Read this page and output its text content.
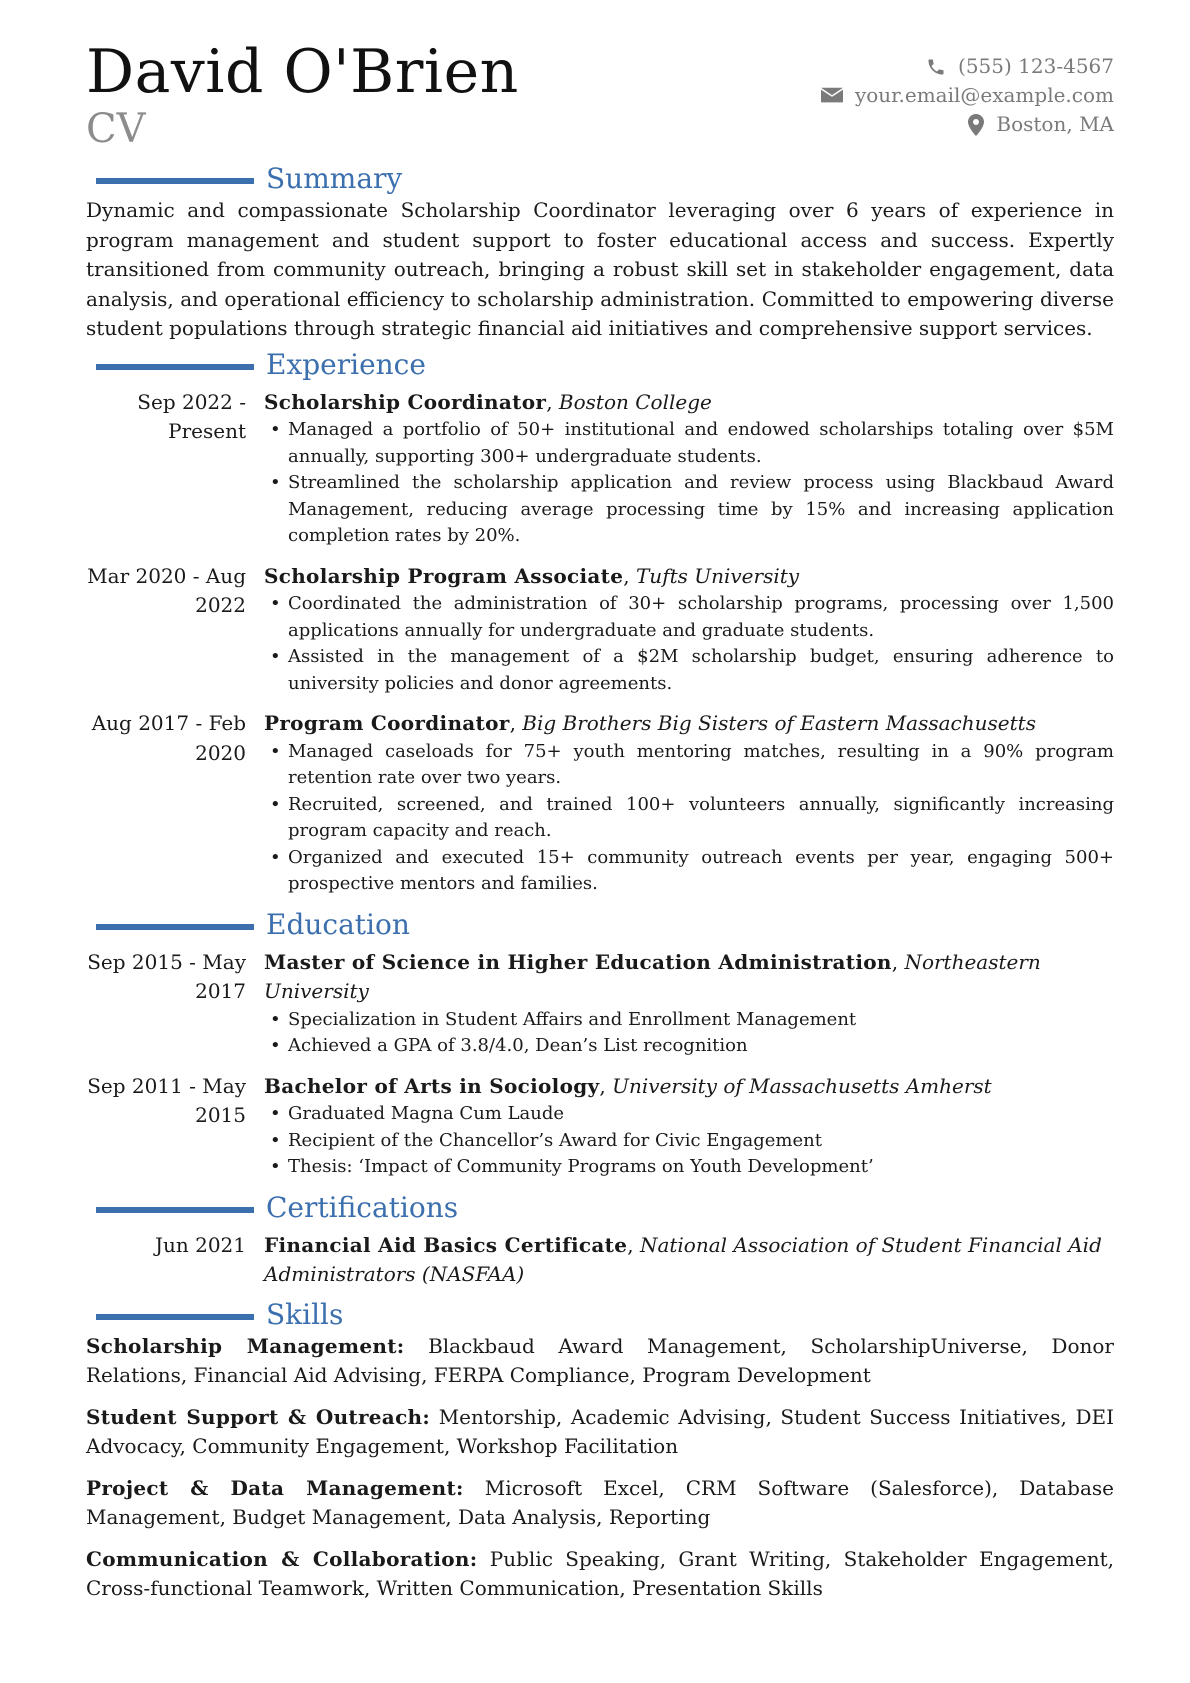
David O'Brien
CV
(555) 123-4567
your.email@example.com
Boston, MA
Summary
Dynamic and compassionate Scholarship Coordinator leveraging over 6 years of experience in program management and student support to foster educational access and success. Expertly transitioned from community outreach, bringing a robust skill set in stakeholder engagement, data analysis, and operational efficiency to scholarship administration. Committed to empowering diverse student populations through strategic financial aid initiatives and comprehensive support services.
Experience
Sep 2022 - Present
Scholarship Coordinator, Boston College
• Managed a portfolio of 50+ institutional and endowed scholarships totaling over $5M annually, supporting 300+ undergraduate students.
• Streamlined the scholarship application and review process using Blackbaud Award Management, reducing average processing time by 15% and increasing application completion rates by 20%.
Mar 2020 - Aug 2022
Scholarship Program Associate, Tufts University
• Coordinated the administration of 30+ scholarship programs, processing over 1,500 applications annually for undergraduate and graduate students.
• Assisted in the management of a $2M scholarship budget, ensuring adherence to university policies and donor agreements.
Aug 2017 - Feb 2020
Program Coordinator, Big Brothers Big Sisters of Eastern Massachusetts
• Managed caseloads for 75+ youth mentoring matches, resulting in a 90% program retention rate over two years.
• Recruited, screened, and trained 100+ volunteers annually, significantly increasing program capacity and reach.
• Organized and executed 15+ community outreach events per year, engaging 500+ prospective mentors and families.
Education
Sep 2015 - May 2017
Master of Science in Higher Education Administration, Northeastern University
• Specialization in Student Affairs and Enrollment Management
• Achieved a GPA of 3.8/4.0, Dean’s List recognition
Sep 2011 - May 2015
Bachelor of Arts in Sociology, University of Massachusetts Amherst
• Graduated Magna Cum Laude
• Recipient of the Chancellor’s Award for Civic Engagement
• Thesis: ‘Impact of Community Programs on Youth Development’
Certifications
Jun 2021 Financial Aid Basics Certificate, National Association of Student Financial Aid Administrators (NASFAA)
Skills
Scholarship Management: Blackbaud Award Management, ScholarshipUniverse, Donor Relations, Financial Aid Advising, FERPA Compliance, Program Development
Student Support & Outreach: Mentorship, Academic Advising, Student Success Initiatives, DEI Advocacy, Community Engagement, Workshop Facilitation
Project & Data Management: Microsoft Excel, CRM Software (Salesforce), Database Management, Budget Management, Data Analysis, Reporting
Communication & Collaboration: Public Speaking, Grant Writing, Stakeholder Engagement, Cross-functional Teamwork, Written Communication, Presentation Skills
